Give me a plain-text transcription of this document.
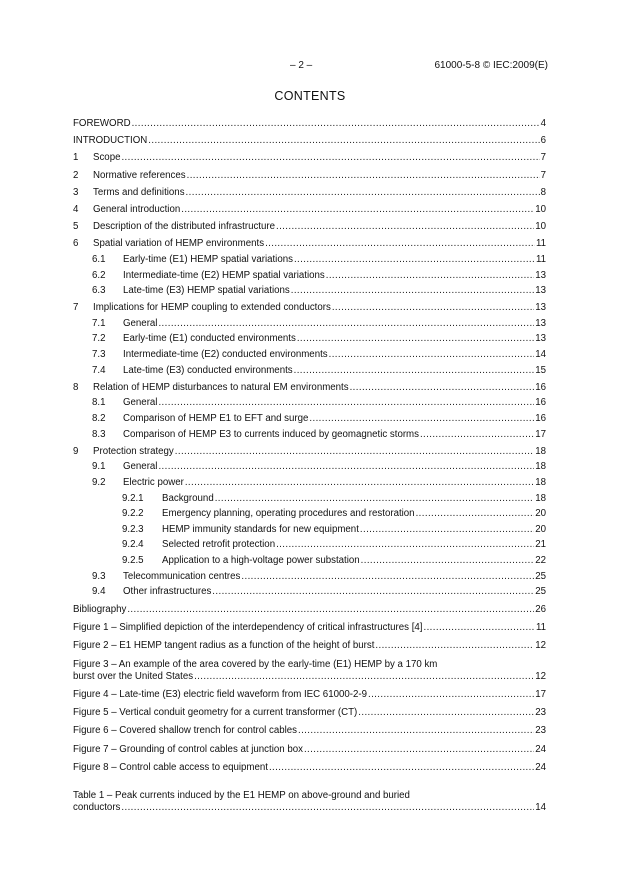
– 2 –	61000-5-8 © IEC:2009(E)
CONTENTS
FOREWORD .....	4
INTRODUCTION .....	6
1	Scope .....	7
2	Normative references .....	7
3	Terms and definitions .....	8
4	General introduction .....	10
5	Description of the distributed infrastructure .....	10
6	Spatial variation of HEMP environments .....	11
6.1	Early-time (E1) HEMP spatial variations .....	11
6.2	Intermediate-time (E2) HEMP spatial variations .....	13
6.3	Late-time (E3) HEMP spatial variations .....	13
7	Implications for HEMP coupling to extended conductors .....	13
7.1	General .....	13
7.2	Early-time (E1) conducted environments .....	13
7.3	Intermediate-time (E2) conducted environments .....	14
7.4	Late-time (E3) conducted environments .....	15
8	Relation of HEMP disturbances to natural EM environments .....	16
8.1	General .....	16
8.2	Comparison of HEMP E1 to EFT and surge .....	16
8.3	Comparison of HEMP E3 to currents induced by geomagnetic storms .....	17
9	Protection strategy .....	18
9.1	General .....	18
9.2	Electric power .....	18
9.2.1	Background .....	18
9.2.2	Emergency planning, operating procedures and restoration .....	20
9.2.3	HEMP immunity standards for new equipment .....	20
9.2.4	Selected retrofit protection .....	21
9.2.5	Application to a high-voltage power substation .....	22
9.3	Telecommunication centres .....	25
9.4	Other infrastructures .....	25
Bibliography .....	26
Figure 1 – Simplified depiction of the interdependency of critical infrastructures [4] .....	11
Figure 2 – E1 HEMP tangent radius as a function of the height of burst .....	12
Figure 3 – An example of the area covered by the early-time (E1) HEMP by a 170 km
burst over the United States .....	12
Figure 4 – Late-time (E3) electric field waveform from IEC 61000-2-9 .....	17
Figure 5 – Vertical conduit geometry for a current transformer (CT) .....	23
Figure 6 – Covered shallow trench for control cables .....	23
Figure 7 – Grounding of control cables at junction box .....	24
Figure 8 – Control cable access to equipment .....	24
Table 1 – Peak currents induced by the E1 HEMP on above-ground and buried
conductors .....	14
